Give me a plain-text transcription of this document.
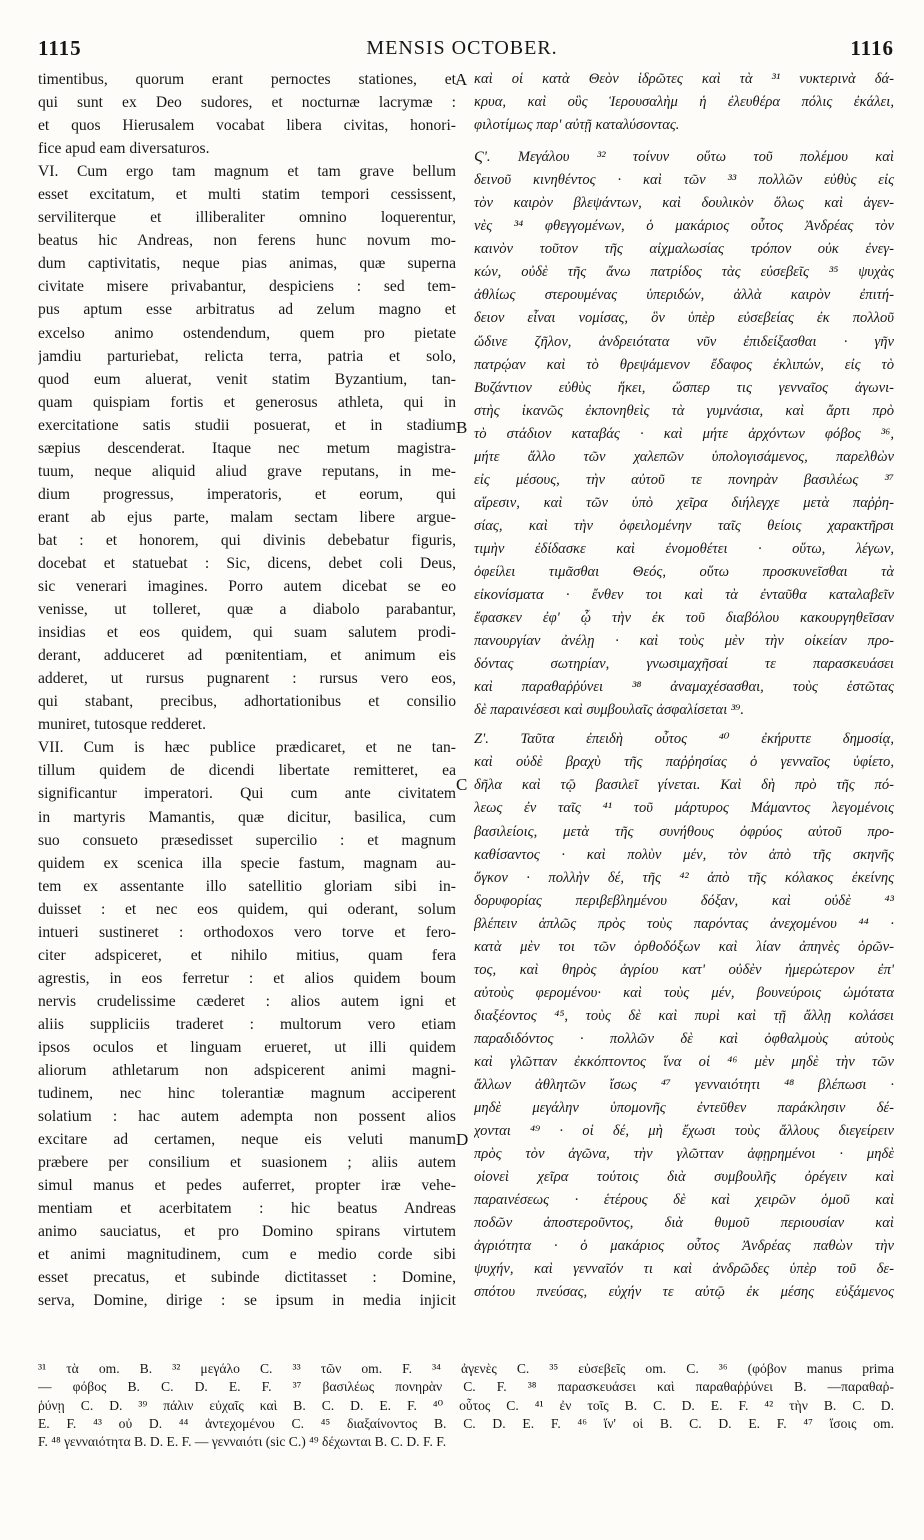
1115	MENSIS OCTOBER.	1116
timentibus, quorum erant pernoctes stationes, et
qui sunt ex Deo sudores, et nocturnæ lacrymæ :
et quos Hierusalem vocabat libera civitas, honori-
fice apud eam diversaturos.
VI. Cum ergo tam magnum et tam grave bellum
esset excitatum, et multi statim tempori cessissent,
serviliterque et illiberaliter omnino loquerentur,
beatus hic Andreas, non ferens hunc novum mo-
dum captivitatis, neque pias animas, quæ superna
civitate misere privabantur, despiciens : sed tem-
pus aptum esse arbitratus ad zelum magno et
excelso animo ostendendum, quem pro pietate
jamdiu parturiebat, relicta terra, patria et solo,
quod eum aluerat, venit statim Byzantium, tan-
quam quispiam fortis et generosus athleta, qui in
exercitatione satis studii posuerat, et in stadium
sæpius descenderat. Itaque nec metum magistra-
tuum, neque aliquid aliud grave reputans, in me-
dium progressus, imperatoris, et eorum, qui
erant ab ejus parte, malam sectam libere argue-
bat : et honorem, qui divinis debebatur figuris,
docebat et statuebat : Sic, dicens, debet coli Deus,
sic venerari imagines. Porro autem dicebat se eo
venisse, ut tolleret, quæ a diabolo parabantur,
insidias et eos quidem, qui suam salutem prodi-
derant, adduceret ad pœnitentiam, et animum eis
adderet, ut rursus pugnarent : rursus vero eos,
qui stabant, precibus, adhortationibus et consilio
muniret, tutosque redderet.
VII. Cum is hæc publice prædicaret, et ne tan-
tillum quidem de dicendi libertate remitteret, ea
significantur imperatori. Qui cum ante civitatem
in martyris Mamantis, quæ dicitur, basilica, cum
suo consueto præsedisset supercilio : et magnum
quidem ex scenica illa specie fastum, magnam au-
tem ex assentante illo satellitio gloriam sibi in-
duisset : et nec eos quidem, qui oderant, solum
intueri sustineret : orthodoxos vero torve et fero-
citer adspiceret, et nihilo mitius, quam fera
agrestis, in eos ferretur : et alios quidem boum
nervis crudelissime cæderet : alios autem igni et
aliis suppliciis traderet : multorum vero etiam
ipsos oculos et linguam erueret, ut illi quidem
aliorum athletarum non adspicerent animi magni-
tudinem, nec hinc tolerantiæ magnum acciperent
solatium : hac autem adempta non possent alios
excitare ad certamen, neque eis veluti manum
præbere per consilium et suasionem ; aliis autem
simul manus et pedes auferret, propter iræ vehe-
mentiam et acerbitatem : hic beatus Andreas
animo sauciatus, et pro Domino spirans virtutem
et animi magnitudinem, cum e medio corde sibi
esset precatus, et subinde dictitasset : Domine,
serva, Domine, dirige : se ipsum in media injicit
καὶ οἱ κατὰ Θεὸν ἱδρῶτες καὶ τὰ ³¹ νυκτερινὰ δά-
κρυα, καὶ οὓς Ἱερουσαλὴμ ἡ ἐλευθέρα πόλις ἐκάλει,
φιλοτίμως παρ' αὐτῇ καταλύσοντας.
Ϛ'. Μεγάλου ³² τοίνυν οὕτω τοῦ πολέμου καὶ
δεινοῦ κινηθέντος · καὶ τῶν ³³ πολλῶν εὐθὺς εἰς
τὸν καιρὸν βλεψάντων, καὶ δουλικὸν ὅλως καὶ ἀγεν-
νὲς ³⁴ φθεγγομένων, ὁ μακάριος οὗτος Ἀνδρέας τὸν
καινὸν τοῦτον τῆς αἰχμαλωσίας τρόπον οὐκ ἐνεγ-
κών, οὐδὲ τῆς ἄνω πατρίδος τὰς εὐσεβεῖς ³⁵ ψυχὰς
ἀθλίως στερουμένας ὑπεριδών, ἀλλὰ καιρὸν ἐπιτή-
δειον εἶναι νομίσας, ὃν ὑπὲρ εὐσεβείας ἐκ πολλοῦ
ὤδινε ζῆλον, ἀνδρειότατα νῦν ἐπιδείξασθαι · γῆν
πατρῴαν καὶ τὸ θρεψάμενον ἔδαφος ἐκλιπών, εἰς τὸ
Βυζάντιον εὐθὺς ἥκει, ὥσπερ τις γενναῖος ἀγωνι-
στὴς ἱκανῶς ἐκπονηθεὶς τὰ γυμνάσια, καὶ ἄρτι πρὸ
τὸ στάδιον καταβάς · καὶ μήτε ἀρχόντων φόβος ³⁶,
μήτε ἄλλο τῶν χαλεπῶν ὑπολογισάμενος, παρελθὼν
εἰς μέσους, τὴν αὐτοῦ τε πονηρὰν βασιλέως ³⁷
αἵρεσιν, καὶ τῶν ὑπὸ χεῖρα διήλεγχε μετὰ παῤῥη-
σίας, καὶ τὴν ὀφειλομένην ταῖς θείοις χαρακτῆρσι
τιμὴν ἐδίδασκε καὶ ἐνομοθέτει · οὕτω, λέγων,
ὀφείλει τιμᾶσθαι Θεός, οὕτω προσκυνεῖσθαι τὰ
εἰκονίσματα · ἔνθεν τοι καὶ τὰ ἐνταῦθα καταλαβεῖν
ἔφασκεν ἐφ' ᾧ τὴν ἐκ τοῦ διαβόλου κακουργηθεῖσαν
πανουργίαν ἀνέλῃ · καὶ τοὺς μὲν τὴν οἰκείαν προ-
δόντας σωτηρίαν, γνωσιμαχῆσαί τε παρασκευάσει
καὶ παραθαῤῥύνει ³⁸ ἀναμαχέσασθαι, τοὺς ἑστῶτας
δὲ παραινέσεσι καὶ συμβουλαῖς ἀσφαλίσεται ³⁹.
Ζ'. Ταῦτα ἐπειδὴ οὗτος ⁴⁰ ἐκήρυττε δημοσίᾳ,
καὶ οὐδὲ βραχὺ τῆς παῤῥησίας ὁ γενναῖος ὑφίετο,
δῆλα καὶ τῷ βασιλεῖ γίνεται. Καὶ δὴ πρὸ τῆς πό-
λεως ἐν ταῖς ⁴¹ τοῦ μάρτυρος Μάμαντος λεγομένοις
βασιλείοις, μετὰ τῆς συνήθους ὀφρύος αὐτοῦ προ-
καθίσαντος · καὶ πολὺν μέν, τὸν ἀπὸ τῆς σκηνῆς
ὄγκον · πολλὴν δέ, τῆς ⁴² ἀπὸ τῆς κόλακος ἐκείνης
δορυφορίας περιβεβλημένου δόξαν, καὶ οὐδὲ ⁴³
βλέπειν ἁπλῶς πρὸς τοὺς παρόντας ἀνεχομένου ⁴⁴ ·
κατὰ μὲν τοι τῶν ὀρθοδόξων καὶ λίαν ἀπηνὲς ὁρῶν-
τος, καὶ θηρὸς ἀγρίου κατ' οὐδὲν ἡμερώτερον ἐπ'
αὐτοὺς φερομένου· καὶ τοὺς μέν, βουνεύροις ὠμότατα
διαξέοντος ⁴⁵, τοὺς δὲ καὶ πυρὶ καὶ τῇ ἄλλῃ κολάσει
παραδιδόντος · πολλῶν δὲ καὶ ὀφθαλμοὺς αὐτοὺς
καὶ γλῶτταν ἐκκόπτοντος ἵνα οἱ ⁴⁶ μὲν μηδὲ τὴν τῶν
ἄλλων ἀθλητῶν ἴσως ⁴⁷ γενναιότητι ⁴⁸ βλέπωσι ·
μηδὲ μεγάλην ὑπομονῆς ἐντεῦθεν παράκλησιν δέ-
χονται ⁴⁹ · οἱ δέ, μὴ ἔχωσι τοὺς ἄλλους διεγείρειν
πρὸς τὸν ἀγῶνα, τὴν γλῶτταν ἀφῃρημένοι · μηδὲ
οἱονεὶ χεῖρα τούτοις διὰ συμβουλῆς ὀρέγειν καὶ
παραινέσεως · ἑτέρους δὲ καὶ χειρῶν ὁμοῦ καὶ
ποδῶν ἀποστεροῦντος, διὰ θυμοῦ περιουσίαν καὶ
ἀγριότητα · ὁ μακάριος οὗτος Ἀνδρέας παθὼν τὴν
ψυχήν, καὶ γενναῖόν τι καὶ ἀνδρῶδες ὑπὲρ τοῦ δε-
σπότου πνεύσας, εὐχήν τε αὐτῷ ἐκ μέσης εὐξάμενος
A
B
C
D
³¹ τὰ om. B. ³² μεγάλο C. ³³ τῶν om. F. ³⁴ ἀγενὲς C. ³⁵ εὐσεβεῖς om. C. ³⁶ (φόβον manus prima
— φόβος B. C. D. E. F. ³⁷ βασιλέως πονηρὰν C. F. ³⁸ παρασκευάσει καὶ παραθαῤῥύνει B. —παραθαῤ-
ῥύνῃ C. D. ³⁹ πάλιν εὐχαῖς καὶ B. C. D. E. F. ⁴⁰ οὗτος C. ⁴¹ ἐν τοῖς B. C. D. E. F. ⁴² τὴν B. C. D.
E. F. ⁴³ οὐ D. ⁴⁴ ἀντεχομένου C. ⁴⁵ διαξαίνοντος B. C. D. E. F. ⁴⁶ ἵν' οἱ B. C. D. E. F. ⁴⁷ ἴσοις om.
F. ⁴⁸ γενναιότητα B. D. E. F. — γενναιότι (sic C.) ⁴⁹ δέχωνται B. C. D. F. F.
